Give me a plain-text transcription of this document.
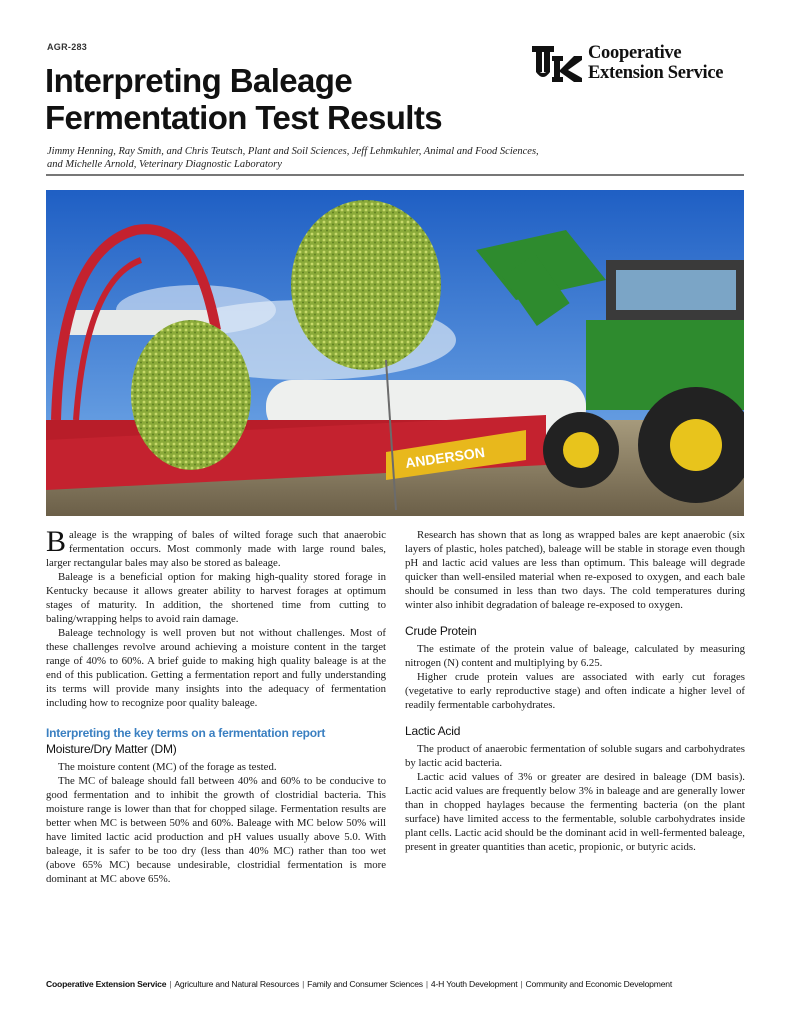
AGR-283
Interpreting Baleage
Fermentation Test Results
Cooperative
Extension Service
Jimmy Henning, Ray Smith, and Chris Teutsch, Plant and Soil Sciences, Jeff Lehmkuhler, Animal and Food Sciences,
and Michelle Arnold, Veterinary Diagnostic Laboratory
ANDERSON

Baleage is the wrapping of bales of wilted forage such that anaerobic fermentation occurs. Most commonly made with large round bales, larger rectangular bales may also be stored as baleage.

Baleage is a beneficial option for making high-quality stored forage in Kentucky because it allows greater ability to harvest forages at optimum stages of maturity. In addition, the shortened time from cutting to baling/wrapping helps to avoid rain damage.

Baleage technology is well proven but not without challenges. Most of these challenges revolve around achieving a moisture content in the target range of 40% to 60%. A brief guide to making high quality baleage is at the end of this publication. Getting a fermentation report and fully understanding its terms will provide many insights into the adequacy of fermentation including how to recognize poor quality baleage.

Interpreting the key terms on a fermentation report
Moisture/Dry Matter (DM)

The moisture content (MC) of the forage as tested.

The MC of baleage should fall between 40% and 60% to be conducive to good fermentation and to inhibit the growth of clostridial bacteria. This moisture range is lower than that for chopped silage. Fermentation results are better when MC is between 50% and 60%. Baleage with MC below 50% will have limited lactic acid production and pH values usually above 5.0. With baleage, it is safer to be too dry (less than 40% MC) rather than too wet (above 65% MC) because undesirable, clostridial fermentation is more dominant at MC above 65%.

Research has shown that as long as wrapped bales are kept anaerobic (six layers of plastic, holes patched), baleage will be stable in storage even though pH and lactic acid values are less than optimum. This baleage will degrade quicker than well-ensiled material when re-exposed to oxygen, and each bale should be consumed in less than two days. The cold temperatures during winter also inhibit degradation of baleage re-exposed to oxygen.

Crude Protein

The estimate of the protein value of baleage, calculated by measuring nitrogen (N) content and multiplying by 6.25.

Higher crude protein values are associated with early cut forages (vegetative to early reproductive stage) and often indicate a higher level of readily fermentable carbohydrates.

Lactic Acid

The product of anaerobic fermentation of soluble sugars and carbohydrates by lactic acid bacteria.

Lactic acid values of 3% or greater are desired in baleage (DM basis). Lactic acid values are frequently below 3% in baleage and are generally lower than in chopped haylages because the fermenting bacteria (on the plant surface) have limited access to the fermentable, soluble carbohydrates inside plant cells. Lactic acid should be the dominant acid in well-fermented baleage, present in greater quantities than acetic, propionic, or butyric acids.

Cooperative Extension Service | Agriculture and Natural Resources | Family and Consumer Sciences | 4-H Youth Development | Community and Economic Development
